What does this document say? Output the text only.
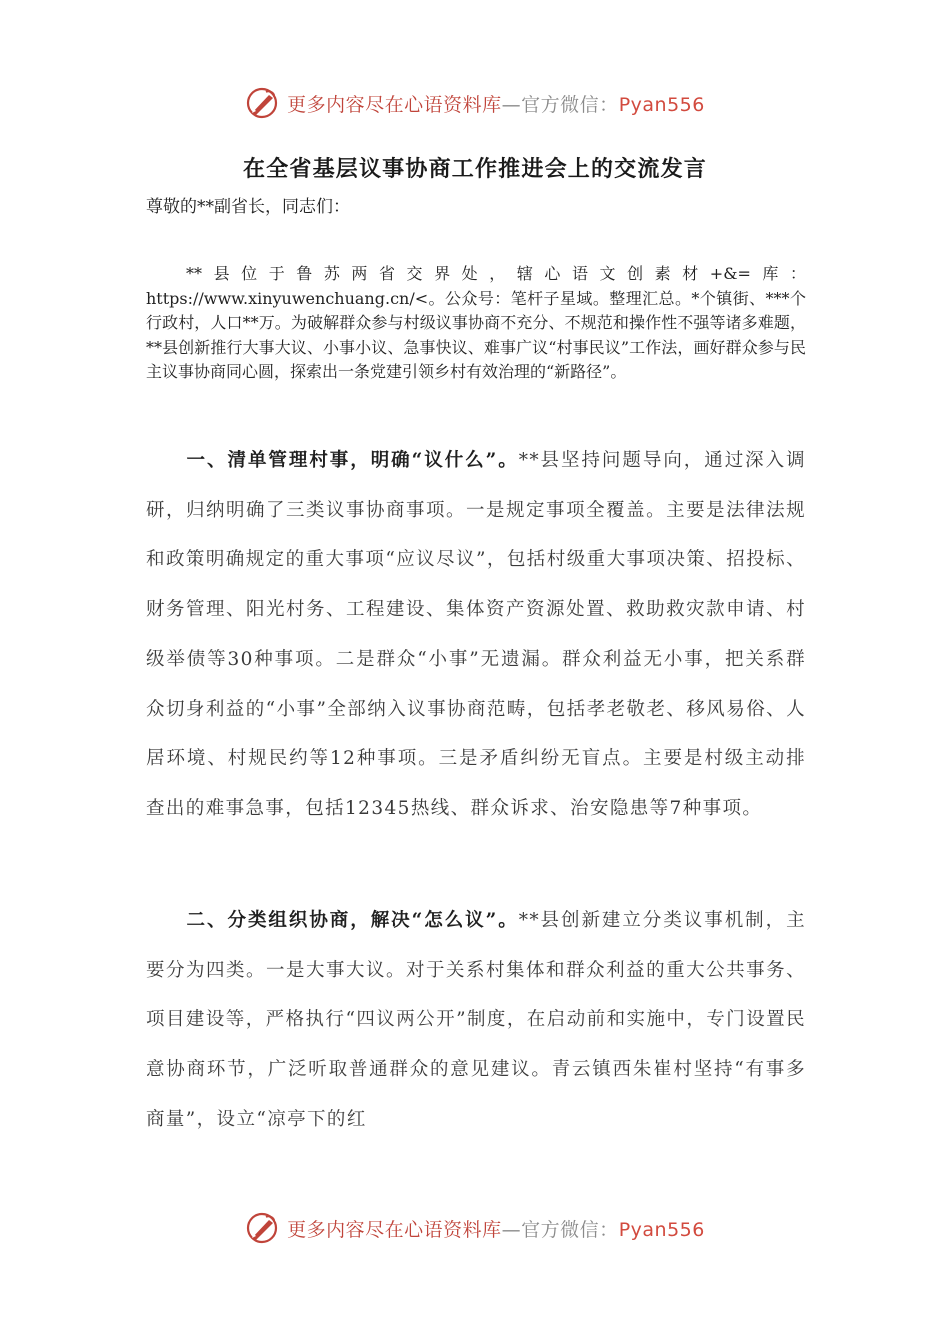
更多内容尽在心语资料库—官方微信：Pyan556
在全省基层议事协商工作推进会上的交流发言
尊敬的**副省长，同志们：

**县位于鲁苏两省交界处，辖心语文创素材+&=库：https://www.xinyuwenchuang.cn/<。公众号：笔杆子星域。整理汇总。*个镇街、***个行政村，人口**万。为破解群众参与村级议事协商不充分、不规范和操作性不强等诸多难题，**县创新推行大事大议、小事小议、急事快议、难事广议“村事民议”工作法，画好群众参与民主议事协商同心圆，探索出一条党建引领乡村有效治理的“新路径”。

一、清单管理村事，明确“议什么”。**县坚持问题导向，通过深入调研，归纳明确了三类议事协商事项。一是规定事项全覆盖。主要是法律法规和政策明确规定的重大事项“应议尽议”，包括村级重大事项决策、招投标、财务管理、阳光村务、工程建设、集体资产资源处置、救助救灾款申请、村级举债等30种事项。二是群众“小事”无遗漏。群众利益无小事，把关系群众切身利益的“小事”全部纳入议事协商范畴，包括孝老敬老、移风易俗、人居环境、村规民约等12种事项。三是矛盾纠纷无盲点。主要是村级主动排查出的难事急事，包括12345热线、群众诉求、治安隐患等7种事项。

二、分类组织协商，解决“怎么议”。**县创新建立分类议事机制，主要分为四类。一是大事大议。对于关系村集体和群众利益的重大公共事务、项目建设等，严格执行“四议两公开”制度，在启动前和实施中，专门设置民意协商环节，广泛听取普通群众的意见建议。青云镇西朱崔村坚持“有事多商量”，设立“凉亭下的红

更多内容尽在心语资料库—官方微信：Pyan556
